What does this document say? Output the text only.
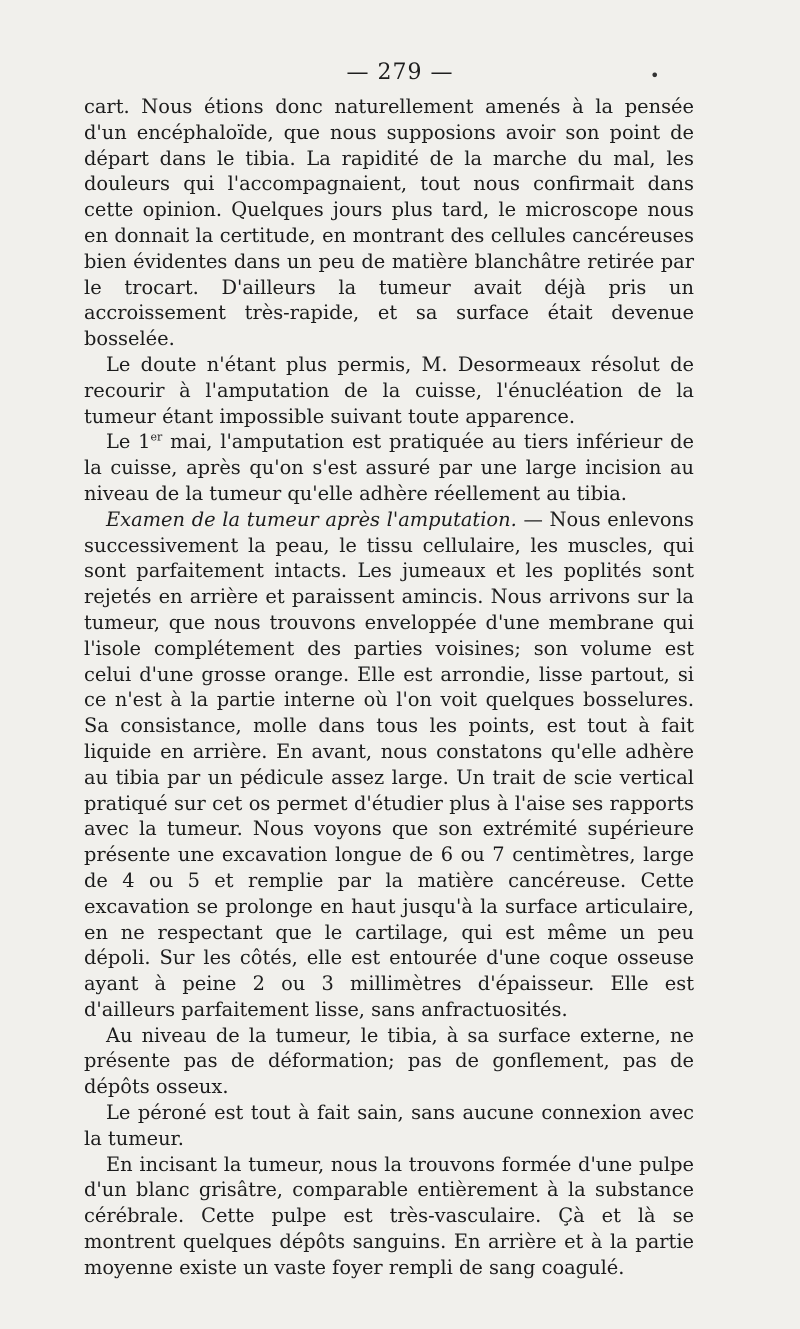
— 279 —	•

cart. Nous étions donc naturellement amenés à la pensée d'un encéphaloïde, que nous supposions avoir son point de départ dans le tibia. La rapidité de la marche du mal, les douleurs qui l'accompagnaient, tout nous confirmait dans cette opinion. Quelques jours plus tard, le microscope nous en donnait la certitude, en montrant des cellules cancéreuses bien évidentes dans un peu de matière blanchâtre retirée par le trocart. D'ailleurs la tumeur avait déjà pris un accroissement très-rapide, et sa surface était devenue bosselée.

Le doute n'étant plus permis, M. Desormeaux résolut de recourir à l'amputation de la cuisse, l'énucléation de la tumeur étant impossible suivant toute apparence.

Le 1er mai, l'amputation est pratiquée au tiers inférieur de la cuisse, après qu'on s'est assuré par une large incision au niveau de la tumeur qu'elle adhère réellement au tibia.

Examen de la tumeur après l'amputation. — Nous enlevons successivement la peau, le tissu cellulaire, les muscles, qui sont parfaitement intacts. Les jumeaux et les poplités sont rejetés en arrière et paraissent amincis. Nous arrivons sur la tumeur, que nous trouvons enveloppée d'une membrane qui l'isole complétement des parties voisines; son volume est celui d'une grosse orange. Elle est arrondie, lisse partout, si ce n'est à la partie interne où l'on voit quelques bosselures. Sa consistance, molle dans tous les points, est tout à fait liquide en arrière. En avant, nous constatons qu'elle adhère au tibia par un pédicule assez large. Un trait de scie vertical pratiqué sur cet os permet d'étudier plus à l'aise ses rapports avec la tumeur. Nous voyons que son extrémité supérieure présente une excavation longue de 6 ou 7 centimètres, large de 4 ou 5 et remplie par la matière cancéreuse. Cette excavation se prolonge en haut jusqu'à la surface articulaire, en ne respectant que le cartilage, qui est même un peu dépoli. Sur les côtés, elle est entourée d'une coque osseuse ayant à peine 2 ou 3 millimètres d'épaisseur. Elle est d'ailleurs parfaitement lisse, sans anfractuosités.

Au niveau de la tumeur, le tibia, à sa surface externe, ne présente pas de déformation; pas de gonflement, pas de dépôts osseux.

Le péroné est tout à fait sain, sans aucune connexion avec la tumeur.

En incisant la tumeur, nous la trouvons formée d'une pulpe d'un blanc grisâtre, comparable entièrement à la substance cérébrale. Cette pulpe est très-vasculaire. Çà et là se montrent quelques dépôts sanguins. En arrière et à la partie moyenne existe un vaste foyer rempli de sang coagulé.
